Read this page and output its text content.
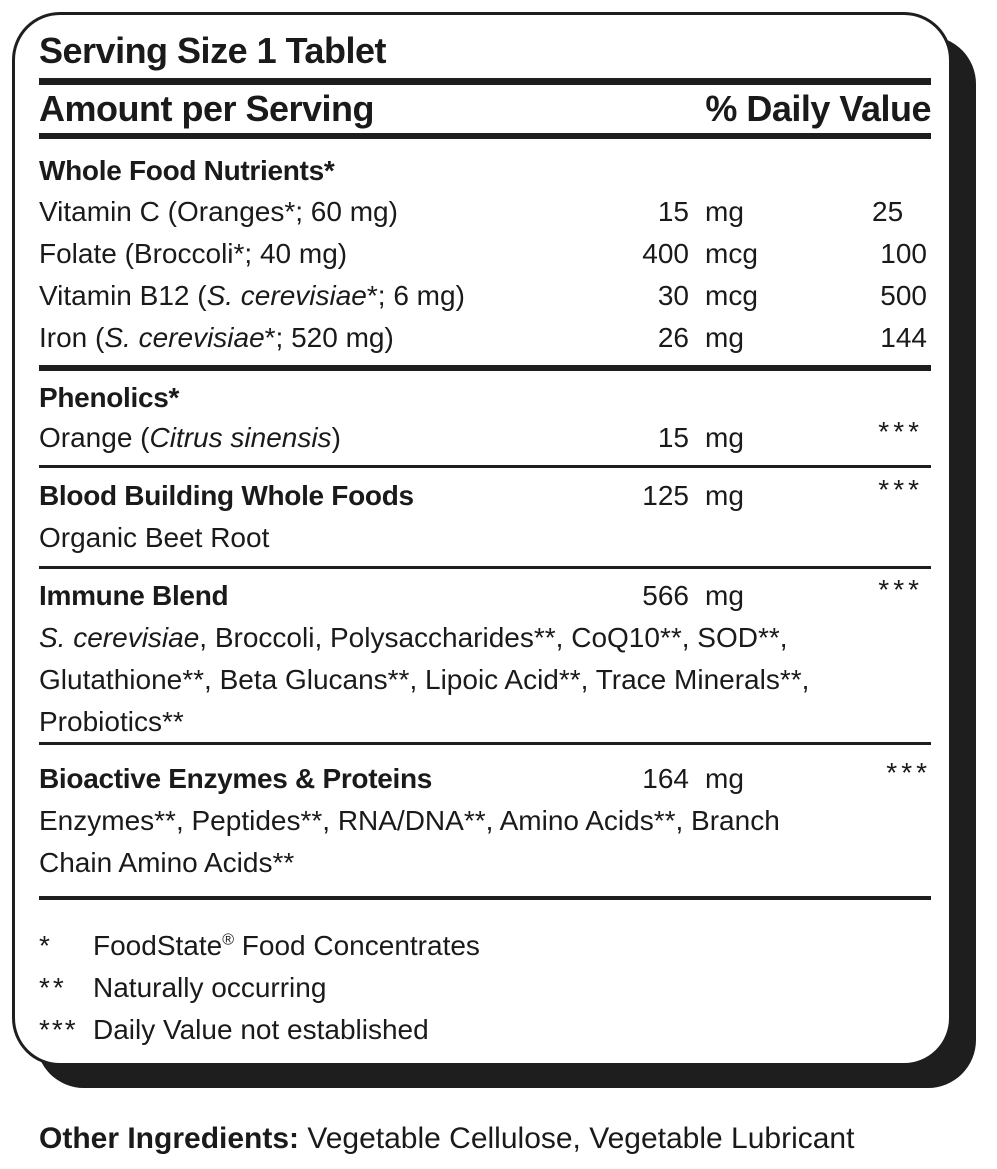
Serving Size 1 Tablet
Amount per Serving	% Daily Value
Whole Food Nutrients*
Vitamin C (Oranges*; 60 mg)	15 mg	25
Folate (Broccoli*; 40 mg)	400 mcg	100
Vitamin B12 (S. cerevisiae*; 6 mg)	30 mcg	500
Iron (S. cerevisiae*; 520 mg)	26 mg	144
Phenolics*
Orange (Citrus sinensis)	15 mg	***
Blood Building Whole Foods	125 mg	***
Organic Beet Root
Immune Blend	566 mg	***
S. cerevisiae, Broccoli, Polysaccharides**, CoQ10**, SOD**,
Glutathione**, Beta Glucans**, Lipoic Acid**, Trace Minerals**,
Probiotics**
Bioactive Enzymes & Proteins	164 mg	***
Enzymes**, Peptides**, RNA/DNA**, Amino Acids**, Branch
Chain Amino Acids**
* FoodState® Food Concentrates
** Naturally occurring
*** Daily Value not established
Other Ingredients: Vegetable Cellulose, Vegetable Lubricant
